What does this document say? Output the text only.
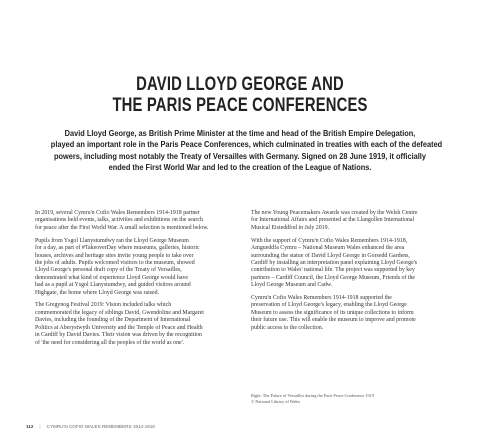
DAVID LLOYD GEORGE AND
THE PARIS PEACE CONFERENCES
David Lloyd George, as British Prime Minister at the time and head of the British Empire Delegation,
played an important role in the Paris Peace Conferences, which culminated in treaties with each of the defeated
powers, including most notably the Treaty of Versailles with Germany. Signed on 28 June 1919, it officially
ended the First World War and led to the creation of the League of Nations.

In 2019, several Cymru'n Cofio Wales Remembers 1914-1918 partner
organisations held events, talks, activities and exhibitions on the search
for peace after the First World War. A small selection is mentioned below.

Pupils from Ysgol Llanystumdwy ran the Lloyd George Museum
for a day, as part of #TakeoverDay where museums, galleries, historic
houses, archives and heritage sites invite young people to take over
the jobs of adults. Pupils welcomed visitors to the museum, showed
Lloyd George's personal draft copy of the Treaty of Versailles,
demonstrated what kind of experience Lloyd George would have
had as a pupil at Ysgol Llanystumdwy, and guided visitors around
Highgate, the home where Lloyd George was raised.

The Gregynog Festival 2019: Vision included talks which
commemorated the legacy of siblings David, Gwendoline and Margaret
Davies, including the founding of the Department of International
Politics at Aberystwyth University and the Temple of Peace and Health
in Cardiff by David Davies. Their vision was driven by the recognition
of 'the need for considering all the peoples of the world as one'.

The new Young Peacemakers Awards was created by the Welsh Centre
for International Affairs and presented at the Llangollen International
Musical Eisteddfod in July 2019.

With the support of Cymru'n Cofio Wales Remembers 1914-1918,
Amgueddfa Cymru – National Museum Wales enhanced the area
surrounding the statue of David Lloyd George in Gorsedd Gardens,
Cardiff by installing an interpretation panel explaining Lloyd George's
contribution to Wales' national life. The project was supported by key
partners – Cardiff Council, the Lloyd George Museum, Friends of the
Lloyd George Museum and Cadw.

Cymru'n Cofio Wales Remembers 1914-1918 supported the
preservation of Lloyd George's legacy, enabling the Lloyd George
Museum to assess the significance of its unique collections to inform
their future use. This will enable the museum to improve and promote
public access to the collection.

Right: The Palace of Versailles during the Paris Peace Conference 1919
© National Library of Wales
112 | CYMRU'N COFIO WALES REMEMBERS 1914-1918
